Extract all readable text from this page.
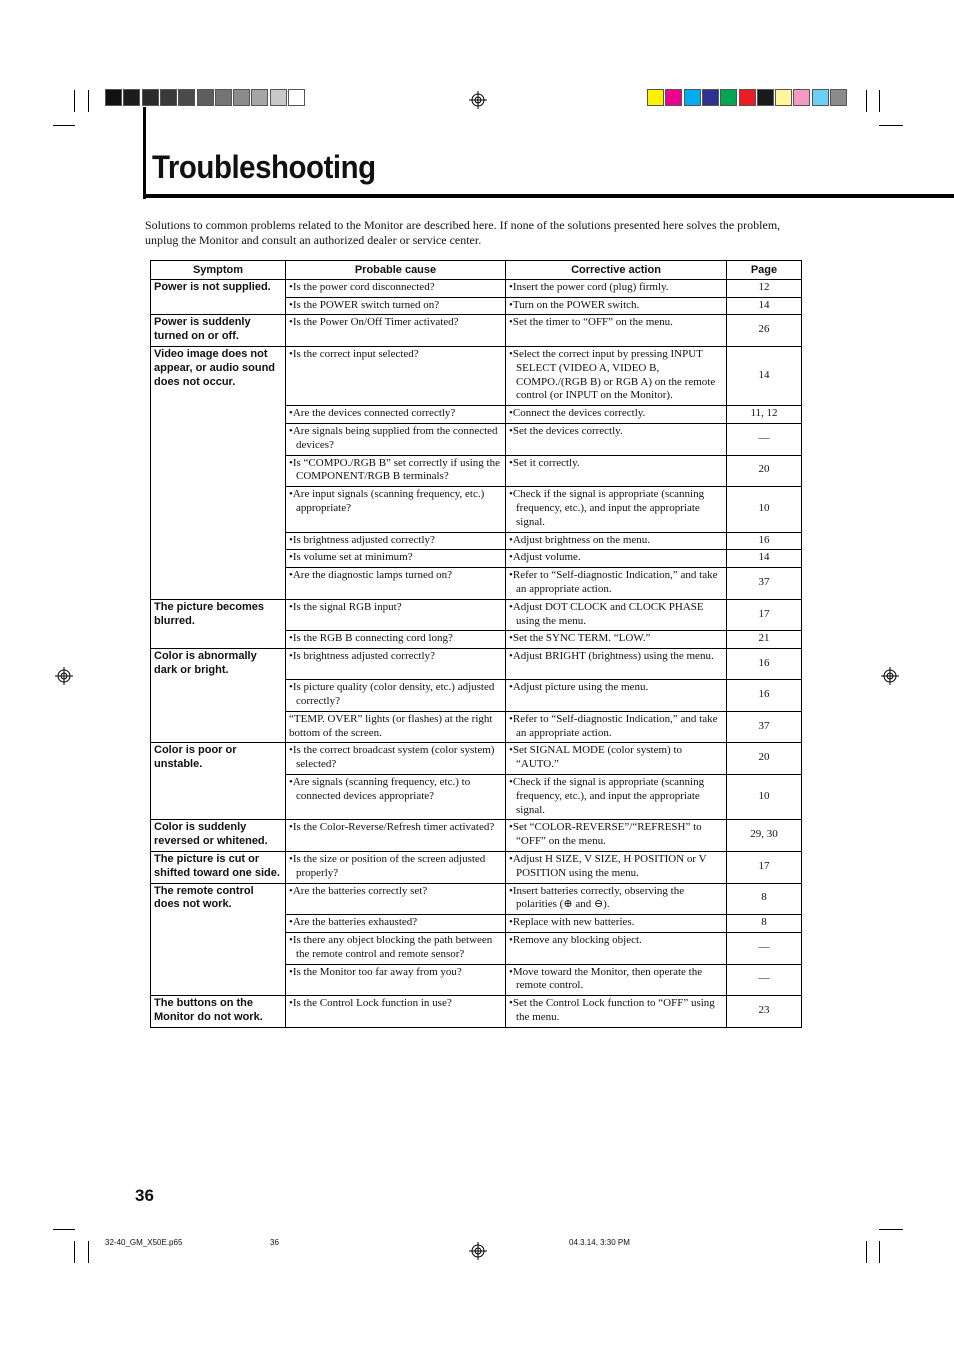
Troubleshooting

Solutions to common problems related to the Monitor are described here. If none of the solutions presented here solves the problem, unplug the Monitor and consult an authorized dealer or service center.

Symptom	Probable cause	Corrective action	Page
Power is not supplied.	•Is the power cord disconnected?	•Insert the power cord (plug) firmly.	12

	•Is the POWER switch turned on?	•Turn on the POWER switch.	14
Power is suddenly turned on or off.	•Is the Power On/Off Timer activated?	•Set the timer to “OFF” on the menu.	26
Video image does not appear, or audio sound does not occur.	•Is the correct input selected?	•Select the correct input by pressing INPUT SELECT (VIDEO A, VIDEO B, COMPO./(RGB B) or RGB A) on the remote control (or INPUT on the Monitor).	14

	•Are the devices connected correctly?	•Connect the devices correctly.	11, 12

	•Are signals being supplied from the connected devices?	•Set the devices correctly.	—

	•Is “COMPO./RGB B” set correctly if using the COMPONENT/RGB B terminals?	•Set it correctly.	20

	•Are input signals (scanning frequency, etc.) appropriate?	•Check if the signal is appropriate (scanning frequency, etc.), and input the appropriate signal.	10

	•Is brightness adjusted correctly?	•Adjust brightness on the menu.	16

	•Is volume set at minimum?	•Adjust volume.	14

	•Are the diagnostic lamps turned on?	•Refer to “Self-diagnostic Indication,” and take an appropriate action.	37
The picture becomes blurred.	•Is the signal RGB input?	•Adjust DOT CLOCK and CLOCK PHASE using the menu.	17

	•Is the RGB B connecting cord long?	•Set the SYNC TERM. “LOW.”	21
Color is abnormally dark or bright.	•Is brightness adjusted correctly?	•Adjust BRIGHT (brightness) using the menu.	16

	•Is picture quality (color density, etc.) adjusted correctly?	•Adjust picture using the menu.	16
	“TEMP. OVER” lights (or flashes) at the right bottom of the screen.	•Refer to “Self-diagnostic Indication,” and take an appropriate action.	37
Color is poor or unstable.	•Is the correct broadcast system (color system) selected?	•Set SIGNAL MODE (color system) to “AUTO.”	20

	•Are signals (scanning frequency, etc.) to connected devices appropriate?	•Check if the signal is appropriate (scanning frequency, etc.), and input the appropriate signal.	10
Color is suddenly reversed or whitened.	•Is the Color-Reverse/Refresh timer activated?	•Set “COLOR-REVERSE”/“REFRESH” to “OFF” on the menu.	29, 30
The picture is cut or shifted toward one side.	•Is the size or position of the screen adjusted properly?	•Adjust H SIZE, V SIZE, H POSITION or V POSITION using the menu.	17
The remote control does not work.	•Are the batteries correctly set?	•Insert batteries correctly, observing the polarities (⊕ and ⊖).	8

	•Are the batteries exhausted?	•Replace with new batteries.	8

	•Is there any object blocking the path between the remote control and remote sensor?	•Remove any blocking object.	—

	•Is the Monitor too far away from you?	•Move toward the Monitor, then operate the remote control.	—
The buttons on the Monitor do not work.	•Is the Control Lock function in use?	•Set the Control Lock function to “OFF” using the menu.	23
36
32-40_GM_X50E.p65	36	04.3.14, 3:30 PM
